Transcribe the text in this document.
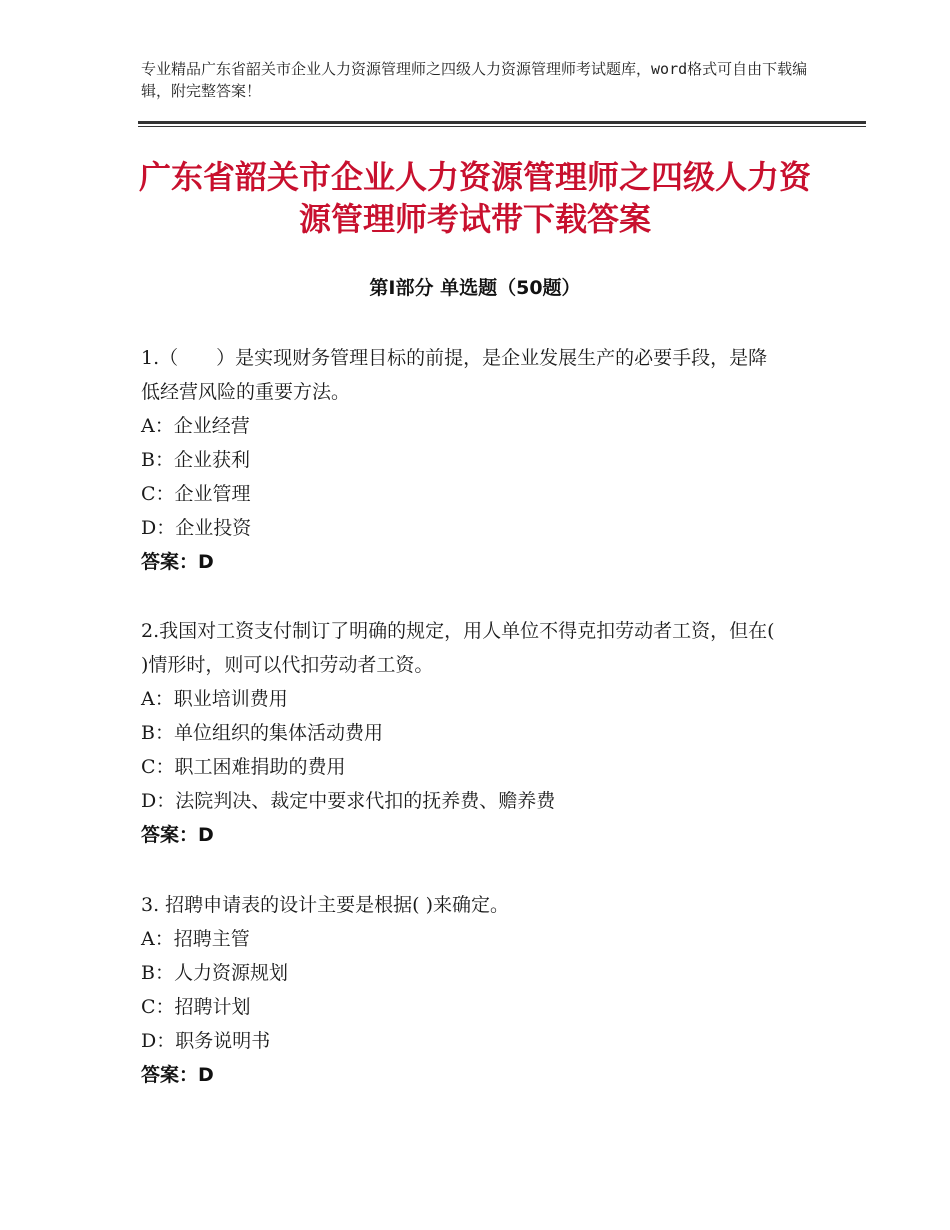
专业精品广东省韶关市企业人力资源管理师之四级人力资源管理师考试题库，word格式可自由下载编辑，附完整答案！
广东省韶关市企业人力资源管理师之四级人力资源管理师考试带下载答案
第Ⅰ部分 单选题（50题）

1.（　　）是实现财务管理目标的前提，是企业发展生产的必要手段，是降低经营风险的重要方法。

A：企业经营

B：企业获利

C：企业管理

D：企业投资

答案：D

2.我国对工资支付制订了明确的规定，用人单位不得克扣劳动者工资，但在( )情形时，则可以代扣劳动者工资。

A：职业培训费用

B：单位组织的集体活动费用

C：职工困难捐助的费用

D：法院判决、裁定中要求代扣的抚养费、赡养费

答案：D

3. 招聘申请表的设计主要是根据( )来确定。

A：招聘主管

B：人力资源规划

C：招聘计划

D：职务说明书

答案：D
